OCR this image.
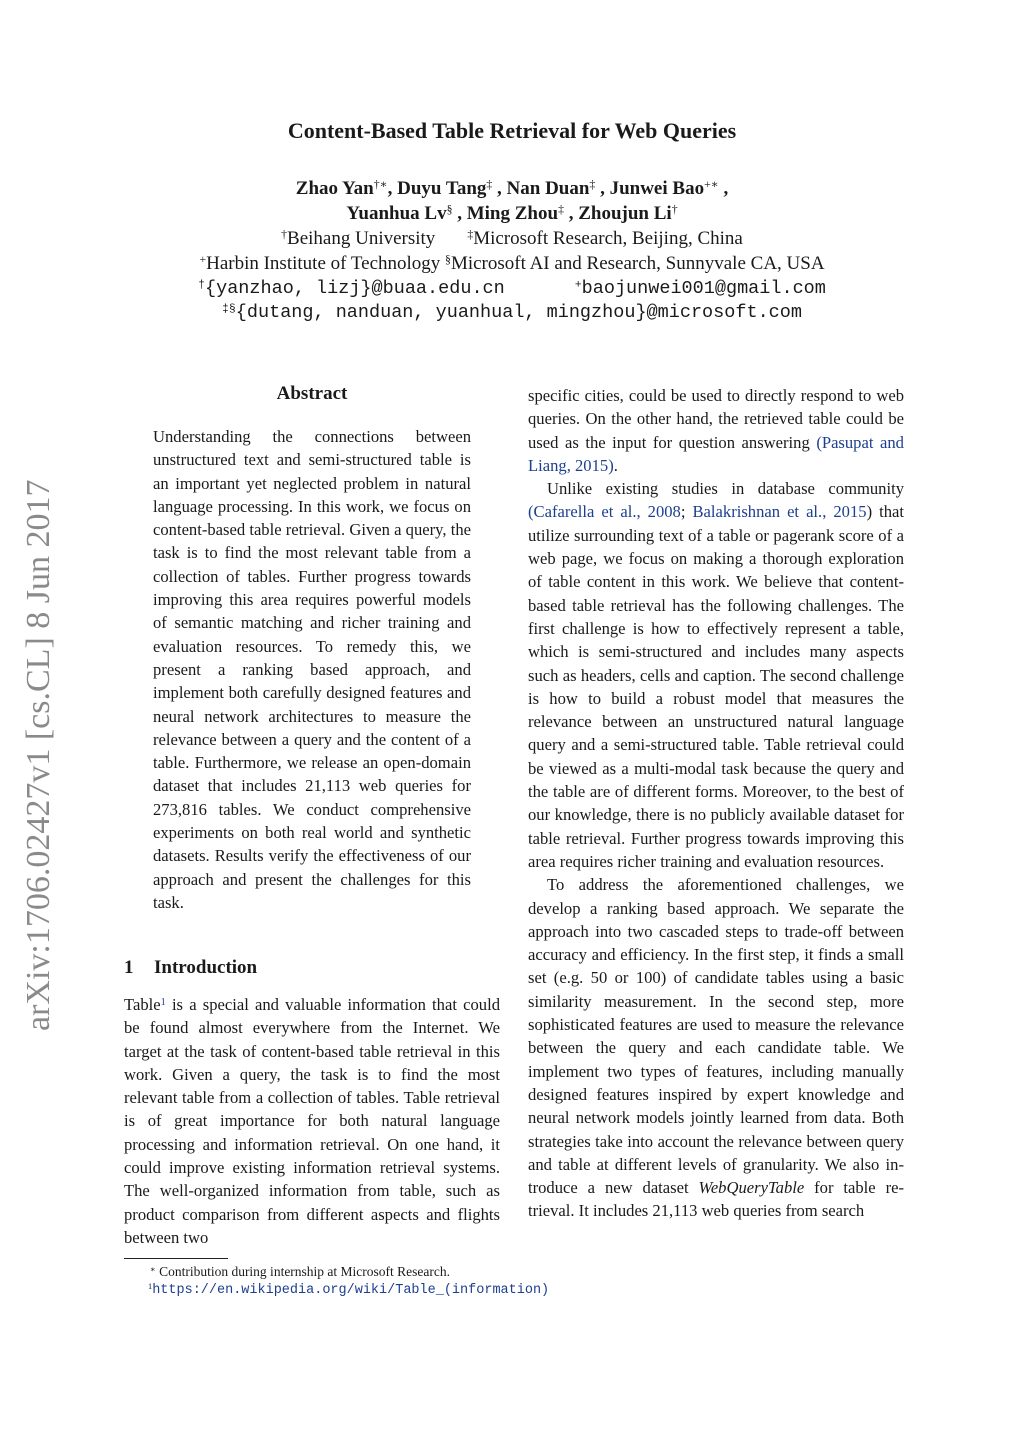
arXiv:1706.02427v1 [cs.CL] 8 Jun 2017
Content-Based Table Retrieval for Web Queries
Zhao Yan†∗, Duyu Tang‡ , Nan Duan‡ , Junwei Bao+∗ ,
Yuanhua Lv§ , Ming Zhou‡ , Zhoujun Li†
†Beihang University	‡Microsoft Research, Beijing, China
+Harbin Institute of Technology §Microsoft AI and Research, Sunnyvale CA, USA
†{yanzhao, lizj}@buaa.edu.cn	+baojunwei001@gmail.com
‡§{dutang, nanduan, yuanhual, mingzhou}@microsoft.com
Abstract
Understanding the connections between unstructured text and semi-structured table is an important yet neglected problem in natural language processing. In this work, we focus on content-based table retrieval. Given a query, the task is to find the most relevant table from a collection of tables. Further progress towards improving this area requires powerful models of semantic matching and richer training and evaluation resources. To remedy this, we present a ranking based approach, and implement both carefully designed features and neural network architectures to measure the relevance between a query and the content of a table. Furthermore, we release an open-domain dataset that includes 21,113 web queries for 273,816 tables. We conduct comprehensive experiments on both real world and synthetic datasets. Results verify the effectiveness of our approach and present the challenges for this task.
1 Introduction

Table$^1$ is a special and valuable information that could be found almost everywhere from the Internet. We target at the task of content-based table retrieval in this work. Given a query, the task is to find the most relevant table from a collection of tables. Table retrieval is of great importance for both natural language processing and information retrieval. On one hand, it could improve existing information retrieval systems. The well-organized information from table, such as product comparison from different aspects and flights between two

∗ Contribution during internship at Microsoft Research.
$^1$https://en.wikipedia.org/wiki/Table_(information)

specific cities, could be used to directly respond to web queries. On the other hand, the retrieved table could be used as the input for question answering (Pasupat and Liang, 2015).

Unlike existing studies in database community (Cafarella et al., 2008; Balakrishnan et al., 2015) that utilize surrounding text of a table or pagerank score of a web page, we focus on making a thorough exploration of table content in this work. We believe that content-based table retrieval has the following challenges. The first challenge is how to effectively represent a table, which is semi-structured and includes many aspects such as headers, cells and caption. The second challenge is how to build a robust model that measures the relevance between an unstructured natural language query and a semi-structured table. Table retrieval could be viewed as a multi-modal task because the query and the table are of different forms. Moreover, to the best of our knowledge, there is no publicly available dataset for table retrieval. Further progress towards improving this area requires richer training and evaluation resources.

To address the aforementioned challenges, we develop a ranking based approach. We separate the approach into two cascaded steps to trade-off between accuracy and efficiency. In the first step, it finds a small set (e.g. 50 or 100) of candidate tables using a basic similarity measurement. In the second step, more sophisticated features are used to measure the relevance between the query and each candidate table. We implement two types of features, including manually designed features inspired by expert knowledge and neural network models jointly learned from data. Both strategies take into account the relevance between query and table at different levels of granularity. We also introduce a new dataset WebQueryTable for table retrieval. It includes 21,113 web queries from search
